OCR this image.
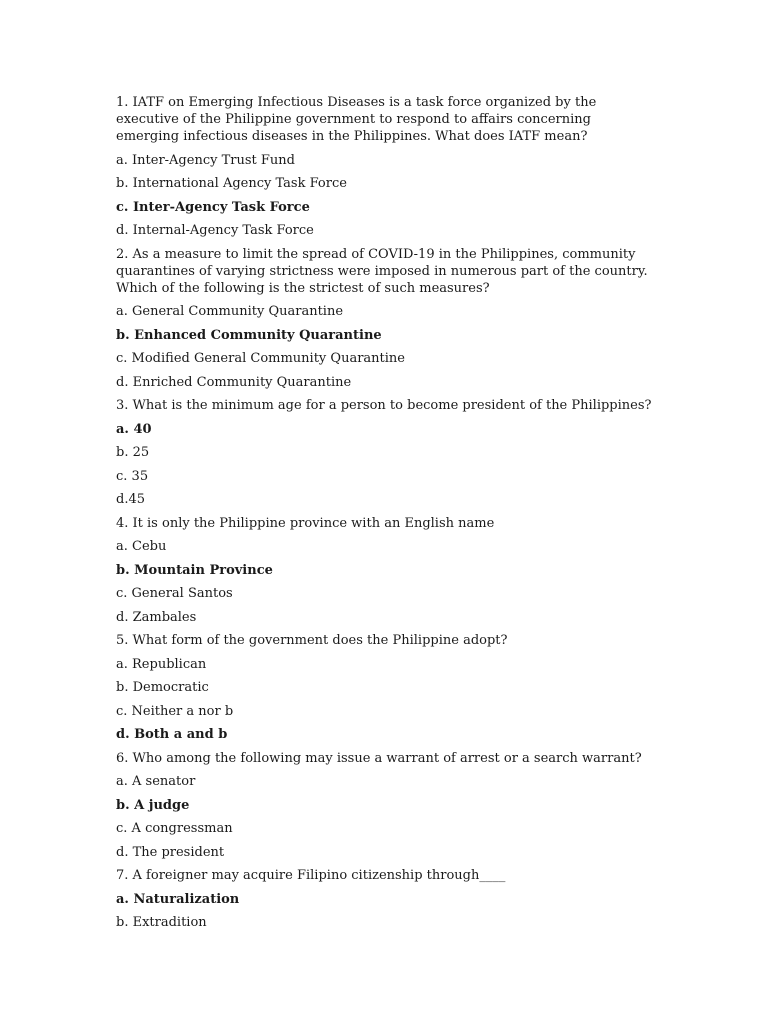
1. IATF on Emerging Infectious Diseases is a task force organized by the executive of the Philippine government to respond to affairs concerning emerging infectious diseases in the Philippines. What does IATF mean?
a. Inter-Agency Trust Fund
b. International Agency Task Force
c. Inter-Agency Task Force
d. Internal-Agency Task Force
2. As a measure to limit the spread of COVID-19 in the Philippines, community quarantines of varying strictness were imposed in numerous part of the country. Which of the following is the strictest of such measures?
a. General Community Quarantine
b. Enhanced Community Quarantine
c. Modified General Community Quarantine
d. Enriched Community Quarantine
3. What is the minimum age for a person to become president of the Philippines?
a. 40
b. 25
c. 35
d.45
4. It is only the Philippine province with an English name
a. Cebu
b. Mountain Province
c. General Santos
d. Zambales
5. What form of the government does the Philippine adopt?
a. Republican
b. Democratic
c. Neither a nor b
d. Both a and b
6. Who among the following may issue a warrant of arrest or a search warrant?
a. A senator
b. A judge
c. A congressman
d. The president
7. A foreigner may acquire Filipino citizenship through____
a. Naturalization
b. Extradition
